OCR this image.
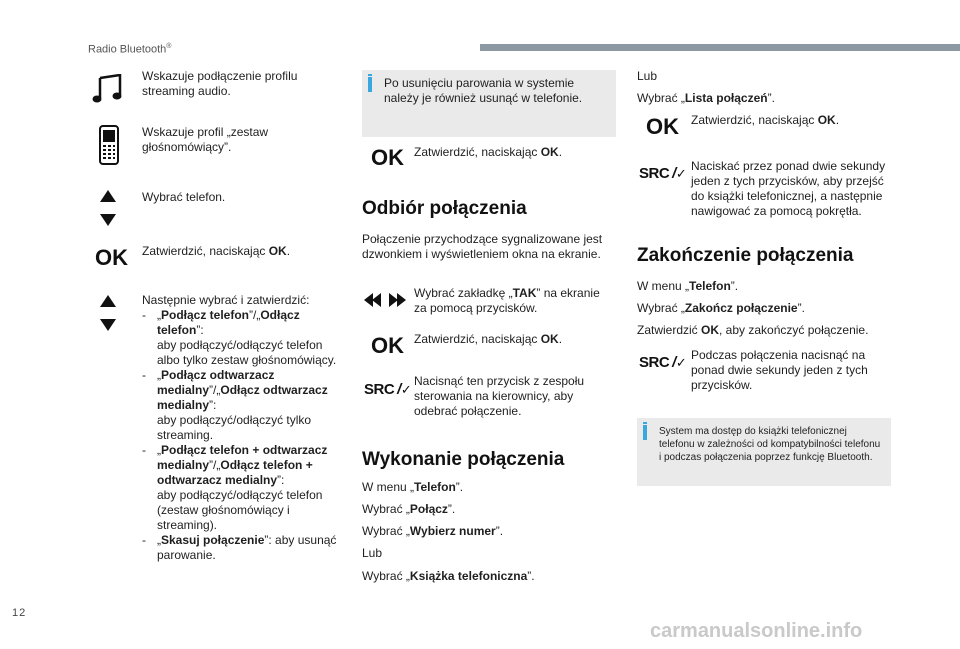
Radio Bluetooth®
Wskazuje podłączenie profilu streaming audio.
Wskazuje profil „zestaw głośnomówiący”.
Wybrać telefon.
OK Zatwierdzić, naciskając OK.
Następnie wybrać i zatwierdzić:
- „Podłącz telefon”/„Odłącz telefon”:
aby podłączyć/odłączyć telefon albo tylko zestaw głośnomówiący.
- „Podłącz odtwarzacz medialny”/„Odłącz odtwarzacz medialny”:
aby podłączyć/odłączyć tylko streaming.
- „Podłącz telefon + odtwarzacz medialny”/„Odłącz telefon + odtwarzacz medialny”:
aby podłączyć/odłączyć telefon (zestaw głośnomówiący i streaming).
- „Skasuj połączenie”: aby usunąć parowanie.
Po usunięciu parowania w systemie należy je również usunąć w telefonie.
OK Zatwierdzić, naciskając OK.
Odbiór połączenia
Połączenie przychodzące sygnalizowane jest dzwonkiem i wyświetleniem okna na ekranie.
Wybrać zakładkę „TAK” na ekranie za pomocą przycisków.
OK Zatwierdzić, naciskając OK.
SRC /✓
Nacisnąć ten przycisk z zespołu sterowania na kierownicy, aby odebrać połączenie.
Wykonanie połączenia
W menu „Telefon”.
Wybrać „Połącz”.
Wybrać „Wybierz numer”.
Lub
Wybrać „Książka telefoniczna”.
Lub
Wybrać „Lista połączeń”.
OK Zatwierdzić, naciskając OK.
SRC /✓ Naciskać przez ponad dwie sekundy jeden z tych przycisków, aby przejść do książki telefonicznej, a następnie nawigować za pomocą pokrętła.
Zakończenie połączenia
W menu „Telefon”.
Wybrać „Zakończ połączenie”.
Zatwierdzić OK, aby zakończyć połączenie.
SRC /✓ Podczas połączenia nacisnąć na ponad dwie sekundy jeden z tych przycisków.
System ma dostęp do książki telefonicznej telefonu w zależności od kompatybilności telefonu i podczas połączenia poprzez funkcję Bluetooth.
12
carmanualsonline.info
